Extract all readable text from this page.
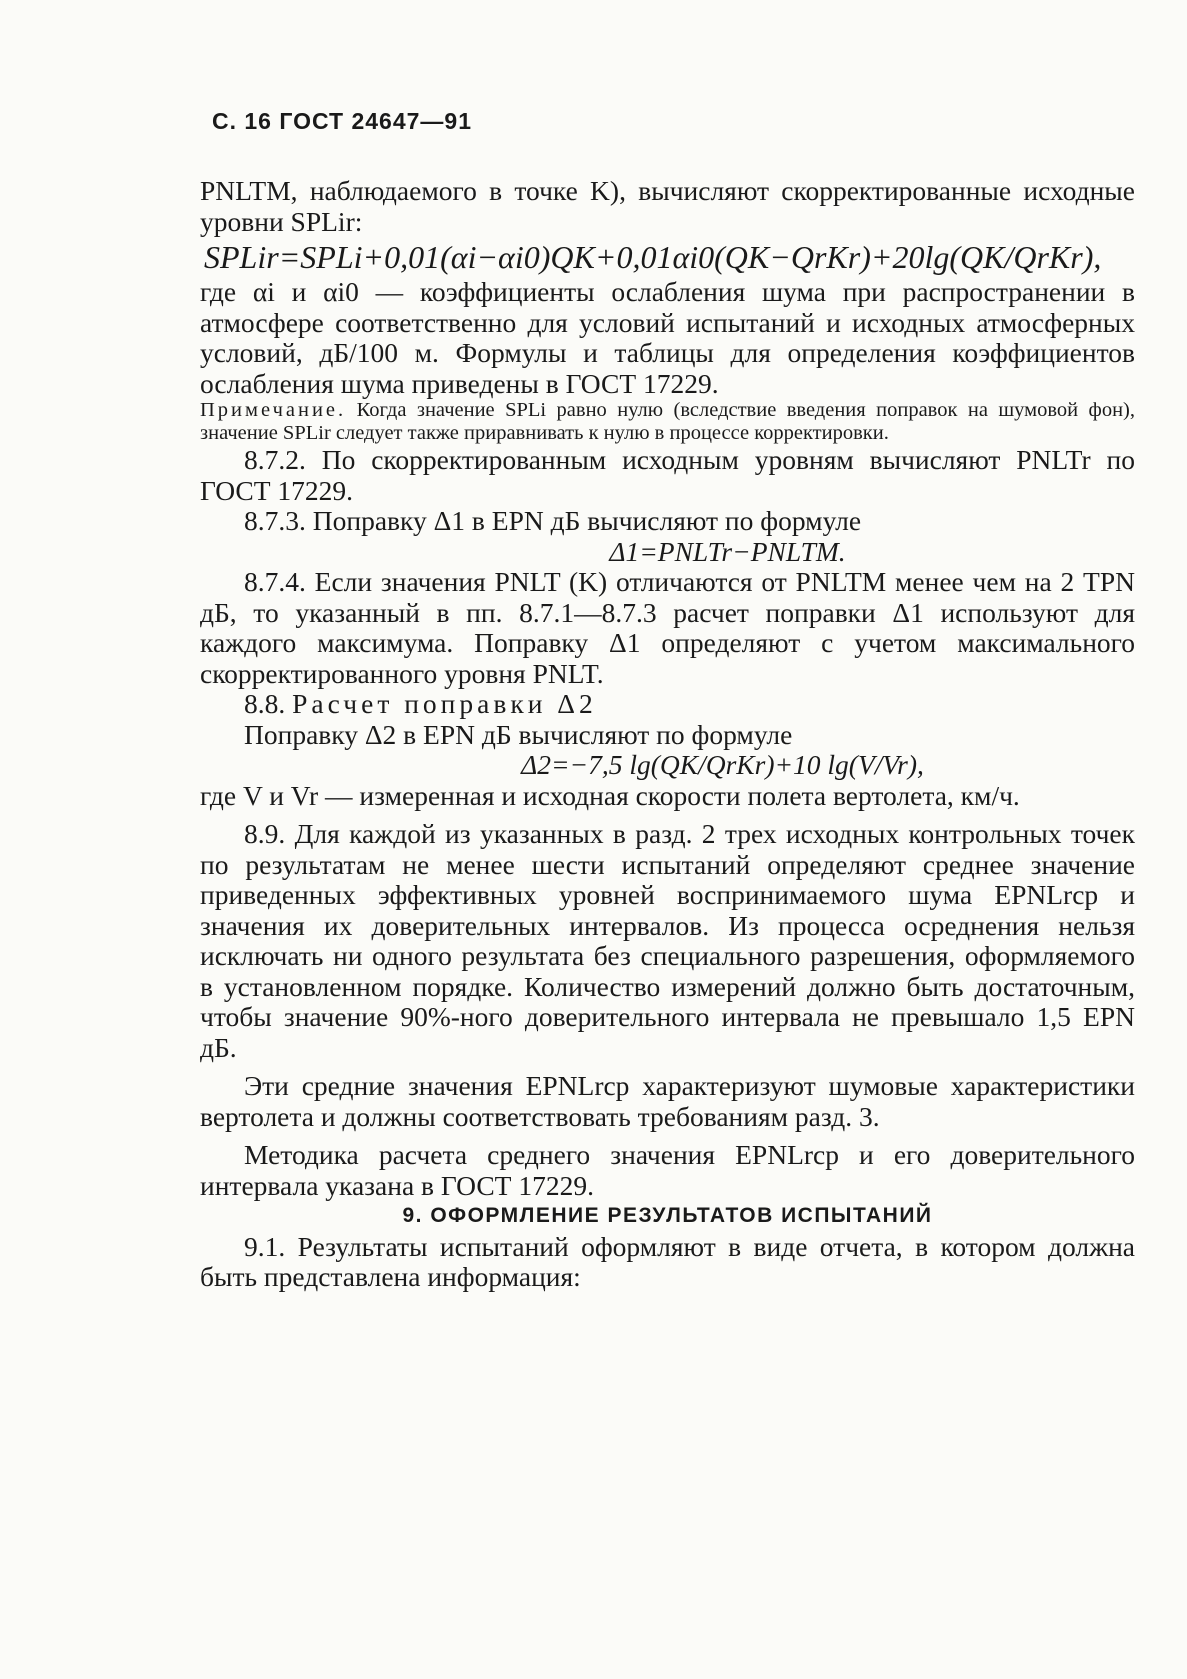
С. 16 ГОСТ 24647—91

PNLTM, наблюдаемого в точке K), вычисляют скорректированные исходные уровни SPLir:

SPLir=SPLi+0,01(αi−αi0)QK+0,01αi0(QK−QrKr)+20lg(QK/QrKr),

где αi и αi0 — коэффициенты ослабления шума при распространении в атмосфере соответственно для условий испытаний и исходных атмосферных условий, дБ/100 м. Формулы и таблицы для определения коэффициентов ослабления шума приведены в ГОСТ 17229.

Примечание. Когда значение SPLi равно нулю (вследствие введения поправок на шумовой фон), значение SPLir следует также приравнивать к нулю в процессе корректировки.

8.7.2. По скорректированным исходным уровням вычисляют PNLTr по ГОСТ 17229.

8.7.3. Поправку Δ1 в EPN дБ вычисляют по формуле

Δ1=PNLTr−PNLTM.

8.7.4. Если значения PNLT (K) отличаются от PNLTM менее чем на 2 TPN дБ, то указанный в пп. 8.7.1—8.7.3 расчет поправки Δ1 используют для каждого максимума. Поправку Δ1 определяют с учетом максимального скорректированного уровня PNLT.

8.8. Расчет поправки Δ2

Поправку Δ2 в EPN дБ вычисляют по формуле

Δ2=−7,5 lg(QK/QrKr)+10 lg(V/Vr),

где V и Vr — измеренная и исходная скорости полета вертолета, км/ч.

8.9. Для каждой из указанных в разд. 2 трех исходных контрольных точек по результатам не менее шести испытаний определяют среднее значение приведенных эффективных уровней воспринимаемого шума EPNLrср и значения их доверительных интервалов. Из процесса осреднения нельзя исключать ни одного результата без специального разрешения, оформляемого в установленном порядке. Количество измерений должно быть достаточным, чтобы значение 90%-ного доверительного интервала не превышало 1,5 EPN дБ.

Эти средние значения EPNLrср характеризуют шумовые характеристики вертолета и должны соответствовать требованиям разд. 3.

Методика расчета среднего значения EPNLrср и его доверительного интервала указана в ГОСТ 17229.

9. ОФОРМЛЕНИЕ РЕЗУЛЬТАТОВ ИСПЫТАНИЙ

9.1. Результаты испытаний оформляют в виде отчета, в котором должна быть представлена информация:
